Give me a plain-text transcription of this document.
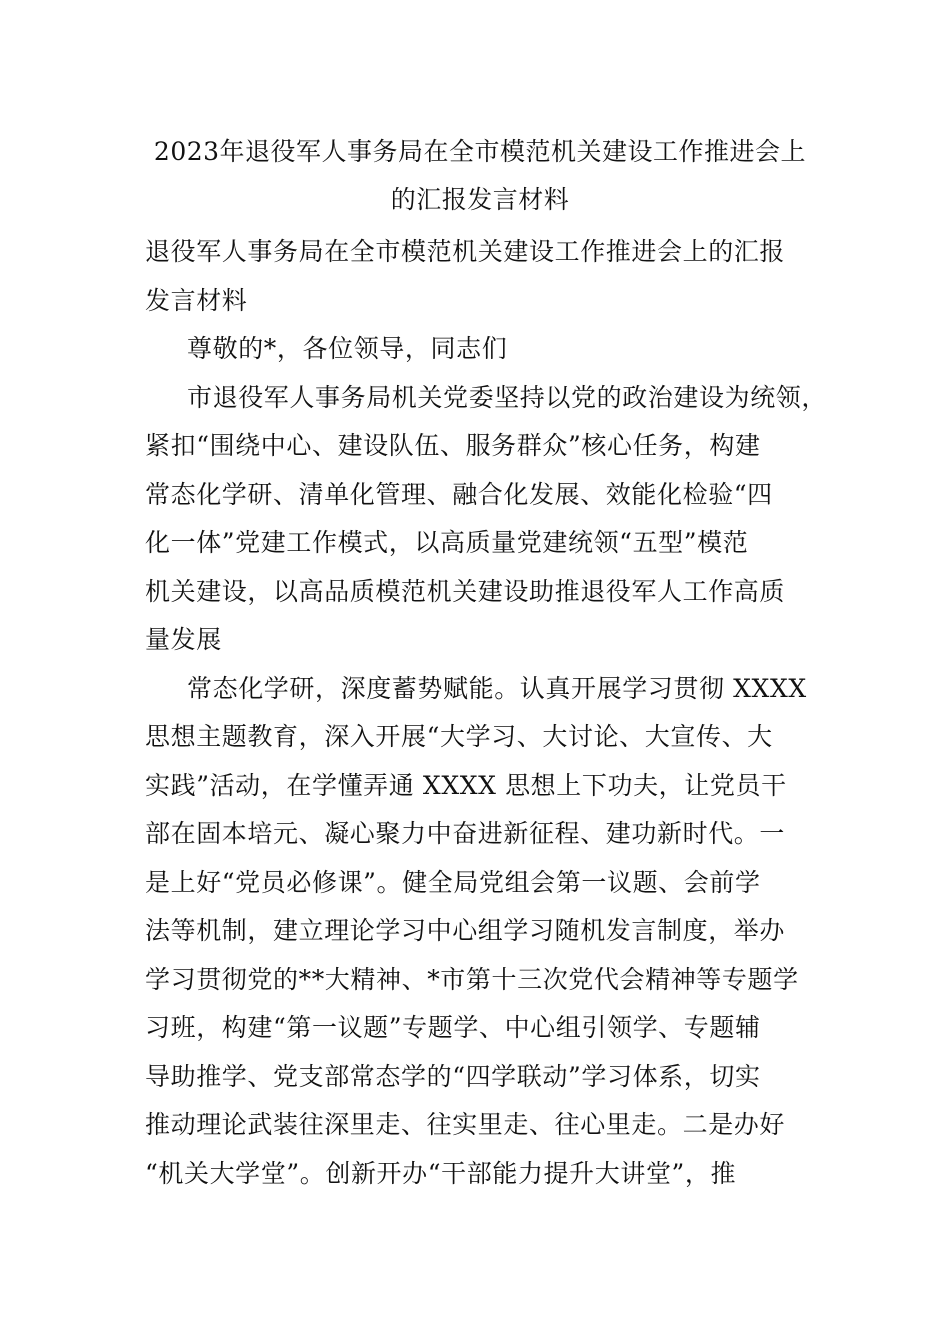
2023年退役军人事务局在全市模范机关建设工作推进会上
的汇报发言材料

退役军人事务局在全市模范机关建设工作推进会上的汇报
发言材料

尊敬的*，各位领导，同志们

市退役军人事务局机关党委坚持以党的政治建设为统领，
紧扣“围绕中心、建设队伍、服务群众”核心任务，构建
常态化学研、清单化管理、融合化发展、效能化检验“四
化一体”党建工作模式，以高质量党建统领“五型”模范
机关建设，以高品质模范机关建设助推退役军人工作高质
量发展

常态化学研，深度蓄势赋能。认真开展学习贯彻 XXXX
思想主题教育，深入开展“大学习、大讨论、大宣传、大
实践”活动，在学懂弄通 XXXX 思想上下功夫，让党员干
部在固本培元、凝心聚力中奋进新征程、建功新时代。一
是上好“党员必修课”。健全局党组会第一议题、会前学
法等机制，建立理论学习中心组学习随机发言制度，举办
学习贯彻党的**大精神、*市第十三次党代会精神等专题学
习班，构建“第一议题”专题学、中心组引领学、专题辅
导助推学、党支部常态学的“四学联动”学习体系，切实
推动理论武装往深里走、往实里走、往心里走。二是办好
“机关大学堂”。创新开办“干部能力提升大讲堂”，推
